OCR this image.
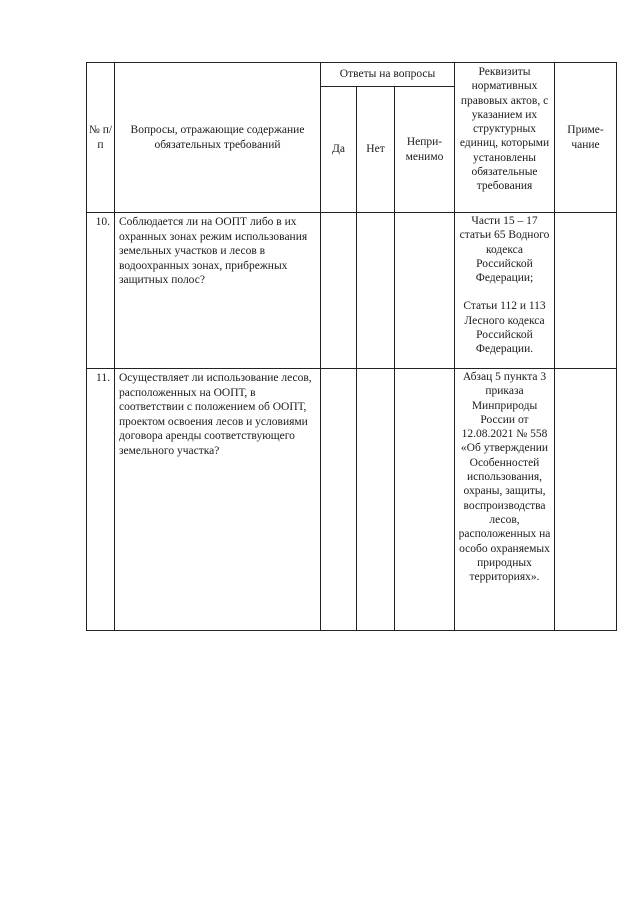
№ п/п	Вопросы, отражающие содержание обязательных требований	Ответы на вопросы			Реквизиты нормативных правовых актов, с указанием их структурных единиц, которыми установлены обязательные требования	Приме-чание
		Да	Нет	Непри-менимо		
10.	Соблюдается ли на ООПТ либо в их охранных зонах режим использования земельных участков и лесов в водоохранных зонах, прибрежных защитных полос?				Части 15 – 17 статьи 65 Водного кодекса Российской Федерации;

Статьи 112 и 113 Лесного кодекса Российской Федерации.	

11.	Осуществляет ли использование лесов, расположенных на ООПТ, в соответствии с положением об ООПТ, проектом освоения лесов и условиями договора аренды соответствующего земельного участка?				Абзац 5 пункта 3 приказа Минприроды России от 12.08.2021 № 558 «Об утверждении Особенностей использования, охраны, защиты, воспроизводства лесов, расположенных на особо охраняемых природных территориях».	
